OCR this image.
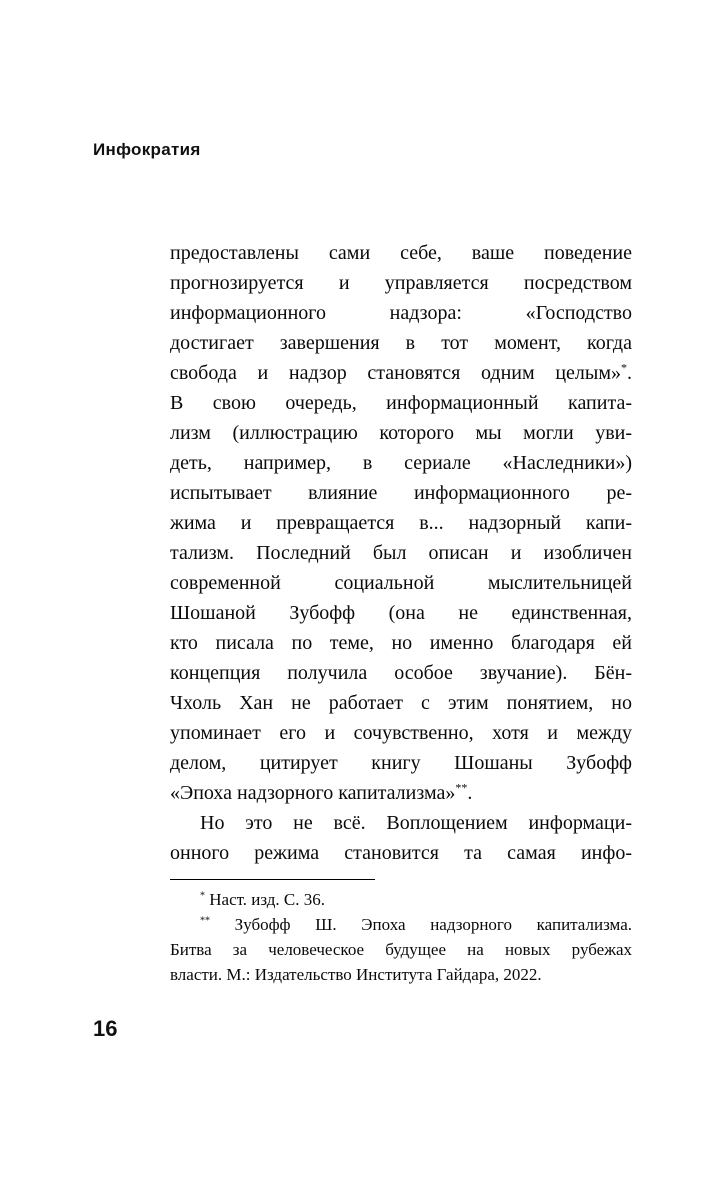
Инфократия
предоставлены сами себе, ваше поведение
прогнозируется и управляется посредством
информационного надзора: «Господство
достигает завершения в тот момент, когда
свобода и надзор становятся одним целым»*.
В свою очередь, информационный капита-
лизм (иллюстрацию которого мы могли уви-
деть, например, в сериале «Наследники»)
испытывает влияние информационного ре-
жима и превращается в... надзорный капи-
тализм. Последний был описан и изобличен
современной социальной мыслительницей
Шошаной Зубофф (она не единственная,
кто писала по теме, но именно благодаря ей
концепция получила особое звучание). Бён-
Чхоль Хан не работает с этим понятием, но
упоминает его и сочувственно, хотя и между
делом, цитирует книгу Шошаны Зубофф
«Эпоха надзорного капитализма»**.
Но это не всё. Воплощением информаци-
онного режима становится та самая инфо-
* Наст. изд. С. 36.
** Зубофф Ш. Эпоха надзорного капитализма.
Битва за человеческое будущее на новых рубежах
власти. М.: Издательство Института Гайдара, 2022.
16
